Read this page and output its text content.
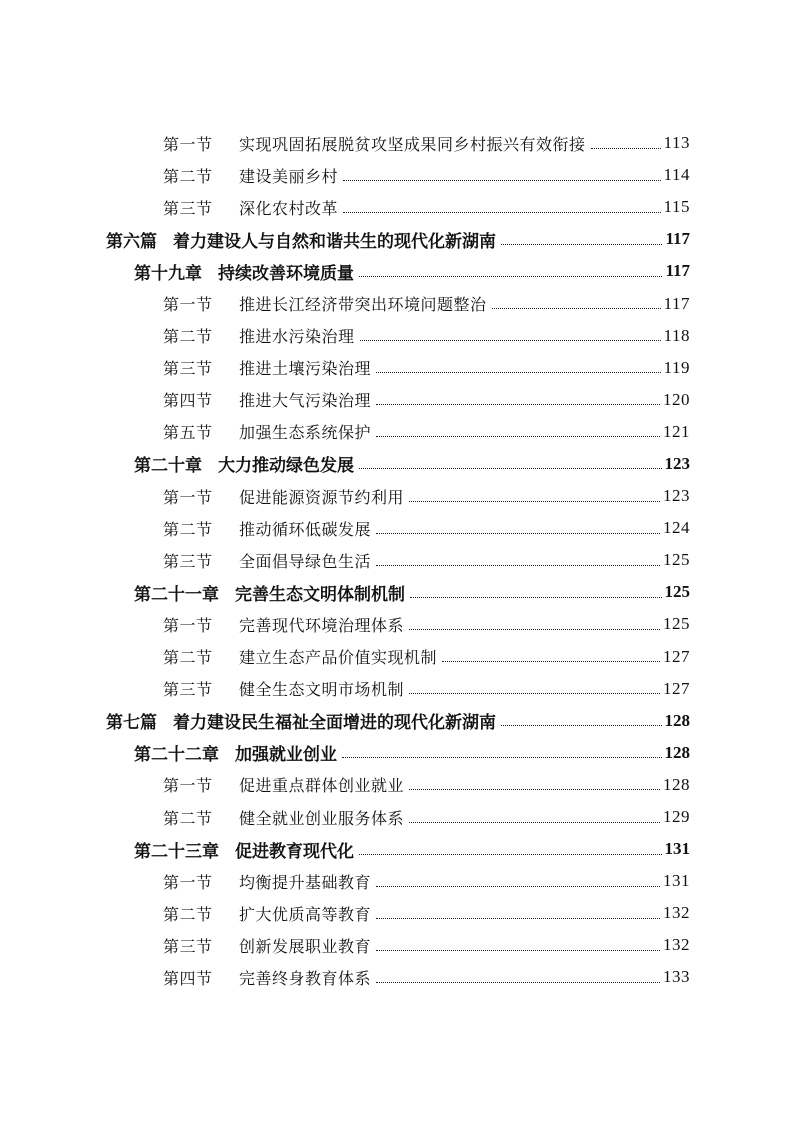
第一节 实现巩固拓展脱贫攻坚成果同乡村振兴有效衔接	113
第二节 建设美丽乡村	114
第三节 深化农村改革	115
第六篇 着力建设人与自然和谐共生的现代化新湖南	117
第十九章 持续改善环境质量	117
第一节 推进长江经济带突出环境问题整治	117
第二节 推进水污染治理	118
第三节 推进土壤污染治理	119
第四节 推进大气污染治理	120
第五节 加强生态系统保护	121
第二十章 大力推动绿色发展	123
第一节 促进能源资源节约利用	123
第二节 推动循环低碳发展	124
第三节 全面倡导绿色生活	125
第二十一章 完善生态文明体制机制	125
第一节 完善现代环境治理体系	125
第二节 建立生态产品价值实现机制	127
第三节 健全生态文明市场机制	127
第七篇 着力建设民生福祉全面增进的现代化新湖南	128
第二十二章 加强就业创业	128
第一节 促进重点群体创业就业	128
第二节 健全就业创业服务体系	129
第二十三章 促进教育现代化	131
第一节 均衡提升基础教育	131
第二节 扩大优质高等教育	132
第三节 创新发展职业教育	132
第四节 完善终身教育体系	133
